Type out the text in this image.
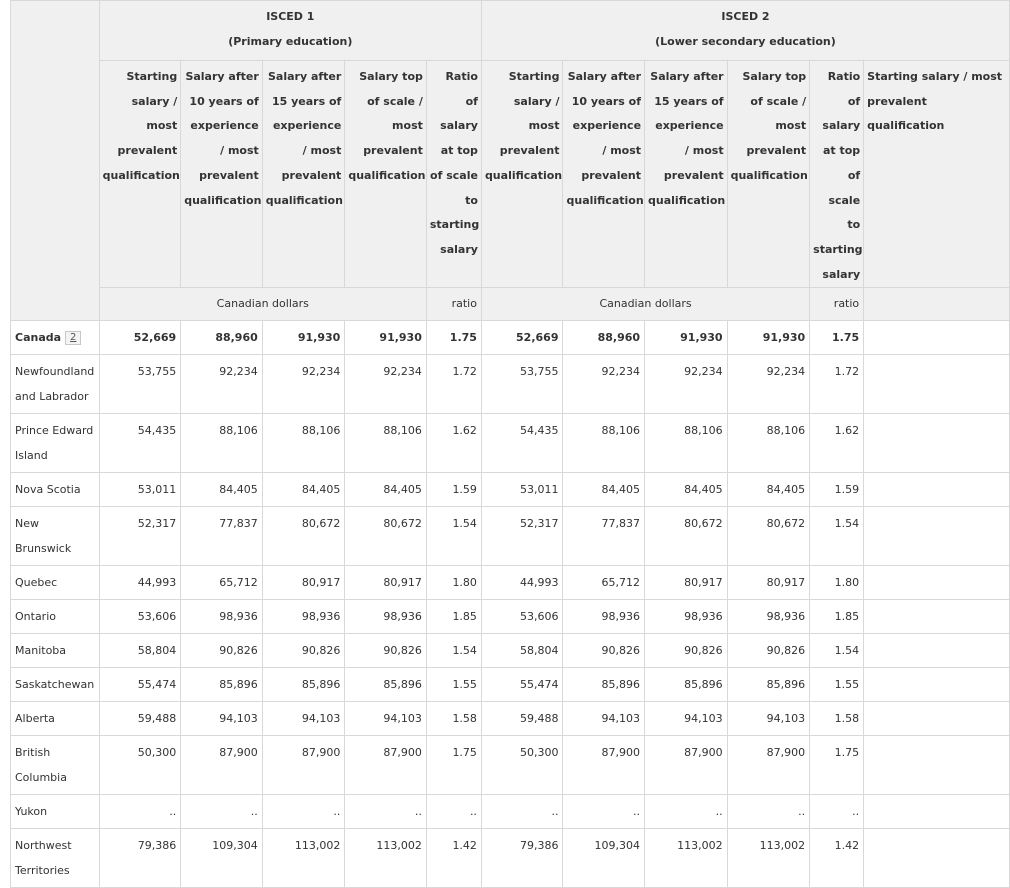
	ISCED 1
(Primary education)					ISCED 2
(Lower secondary education)					
	Starting salary / most prevalent qualification	Salary after 10 years of experience / most prevalent qualification	Salary after 15 years of experience / most prevalent qualification	Salary top of scale / most prevalent qualification	Ratio of salary at top of scale to starting salary	Starting salary / most prevalent qualification	Salary after 10 years of experience / most prevalent qualification	Salary after 15 years of experience / most prevalent qualification	Salary top of scale / most prevalent qualification	Ratio of salary at top of scale to starting salary	Starting salary / most prevalent qualification
	Canadian dollars				ratio	Canadian dollars				ratio	
Canada 2	52,669	88,960	91,930	91,930	1.75	52,669	88,960	91,930	91,930	1.75	
Newfoundland and Labrador	53,755	92,234	92,234	92,234	1.72	53,755	92,234	92,234	92,234	1.72	
Prince Edward Island	54,435	88,106	88,106	88,106	1.62	54,435	88,106	88,106	88,106	1.62	
Nova Scotia	53,011	84,405	84,405	84,405	1.59	53,011	84,405	84,405	84,405	1.59	
New Brunswick	52,317	77,837	80,672	80,672	1.54	52,317	77,837	80,672	80,672	1.54	
Quebec	44,993	65,712	80,917	80,917	1.80	44,993	65,712	80,917	80,917	1.80	
Ontario	53,606	98,936	98,936	98,936	1.85	53,606	98,936	98,936	98,936	1.85	
Manitoba	58,804	90,826	90,826	90,826	1.54	58,804	90,826	90,826	90,826	1.54	
Saskatchewan	55,474	85,896	85,896	85,896	1.55	55,474	85,896	85,896	85,896	1.55	
Alberta	59,488	94,103	94,103	94,103	1.58	59,488	94,103	94,103	94,103	1.58	
British Columbia	50,300	87,900	87,900	87,900	1.75	50,300	87,900	87,900	87,900	1.75	
Yukon	..	..	..	..	..	..	..	..	..	..	
Northwest Territories	79,386	109,304	113,002	113,002	1.42	79,386	109,304	113,002	113,002	1.42	
